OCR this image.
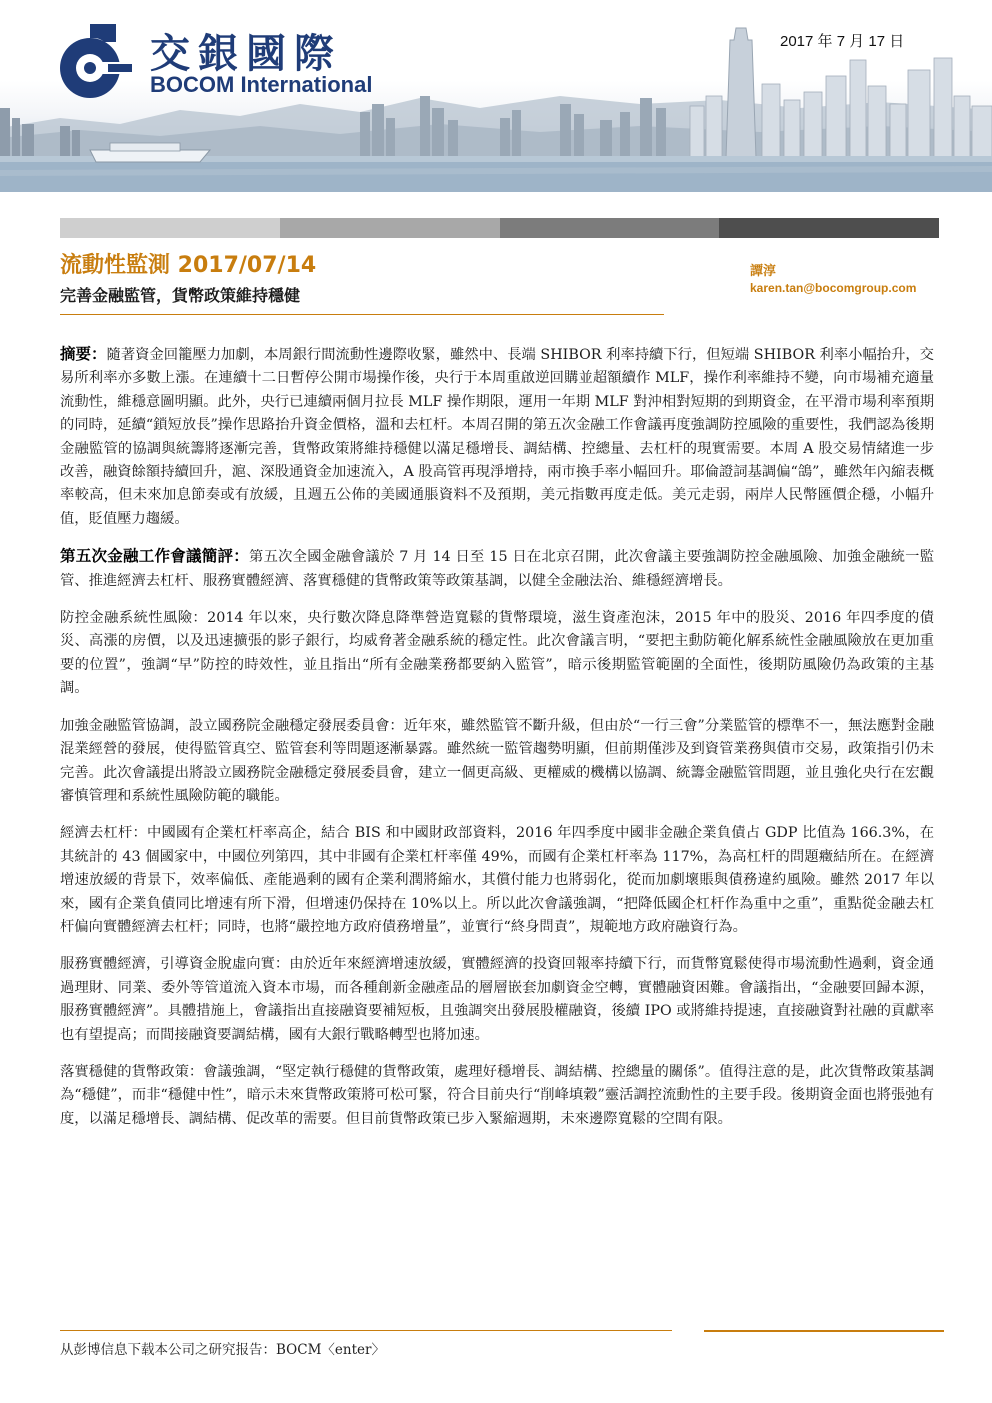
交銀國際
BOCOM International
2017 年 7 月 17 日
流動性監測 2017/07/14
完善金融監管，貨幣政策維持穩健
譚淳
karen.tan@bocomgroup.com

摘要：隨著資金回籠壓力加劇，本周銀行間流動性邊際收緊，雖然中、長端 SHIBOR 利率持續下行，但短端 SHIBOR 利率小幅抬升，交易所利率亦多數上漲。在連續十二日暫停公開市場操作後，央行于本周重啟逆回購並超額續作 MLF，操作利率維持不變，向市場補充適量流動性，維穩意圖明顯。此外，央行已連續兩個月拉長 MLF 操作期限，運用一年期 MLF 對沖相對短期的到期資金，在平滑市場利率預期的同時，延續“鎖短放長”操作思路抬升資金價格，溫和去杠杆。本周召開的第五次金融工作會議再度強調防控風險的重要性，我們認為後期金融監管的協調與統籌將逐漸完善，貨幣政策將維持穩健以滿足穩增長、調結構、控總量、去杠杆的現實需要。本周 A 股交易情緒進一步改善，融資餘額持續回升，滬、深股通資金加速流入，A 股高管再現淨增持，兩市換手率小幅回升。耶倫證詞基調偏“鴿”，雖然年內縮表概率較高，但未來加息節奏或有放緩，且週五公佈的美國通脹資料不及預期，美元指數再度走低。美元走弱，兩岸人民幣匯價企穩，小幅升值，貶值壓力趨緩。

第五次金融工作會議簡評：第五次全國金融會議於 7 月 14 日至 15 日在北京召開，此次會議主要強調防控金融風險、加強金融統一監管、推進經濟去杠杆、服務實體經濟、落實穩健的貨幣政策等政策基調，以健全金融法治、維穩經濟增長。

防控金融系統性風險：2014 年以來，央行數次降息降準營造寬鬆的貨幣環境，滋生資產泡沫，2015 年中的股災、2016 年四季度的債災、高漲的房價，以及迅速擴張的影子銀行，均威脅著金融系統的穩定性。此次會議言明，“要把主動防範化解系統性金融風險放在更加重要的位置”，強調“早”防控的時效性，並且指出“所有金融業務都要納入監管”，暗示後期監管範圍的全面性，後期防風險仍為政策的主基調。

加強金融監管協調，設立國務院金融穩定發展委員會：近年來，雖然監管不斷升級，但由於“一行三會”分業監管的標準不一，無法應對金融混業經營的發展，使得監管真空、監管套利等問題逐漸暴露。雖然統一監管趨勢明顯，但前期僅涉及到資管業務與債市交易，政策指引仍未完善。此次會議提出將設立國務院金融穩定發展委員會，建立一個更高級、更權威的機構以協調、統籌金融監管問題，並且強化央行在宏觀審慎管理和系統性風險防範的職能。

經濟去杠杆：中國國有企業杠杆率高企，結合 BIS 和中國財政部資料，2016 年四季度中國非金融企業負債占 GDP 比值為 166.3%，在其統計的 43 個國家中，中國位列第四，其中非國有企業杠杆率僅 49%，而國有企業杠杆率為 117%，為高杠杆的問題癥結所在。在經濟增速放緩的背景下，效率偏低、產能過剩的國有企業利潤將縮水，其償付能力也將弱化，從而加劇壞賬與債務違約風險。雖然 2017 年以來，國有企業負債同比增速有所下滑，但增速仍保持在 10%以上。所以此次會議強調，“把降低國企杠杆作為重中之重”，重點從金融去杠杆偏向實體經濟去杠杆；同時，也將“嚴控地方政府債務增量”，並實行“終身問責”，規範地方政府融資行為。

服務實體經濟，引導資金脫虛向實：由於近年來經濟增速放緩，實體經濟的投資回報率持續下行，而貨幣寬鬆使得市場流動性過剩，資金通過理財、同業、委外等管道流入資本市場，而各種創新金融產品的層層嵌套加劇資金空轉，實體融資困難。會議指出，“金融要回歸本源，服務實體經濟”。具體措施上，會議指出直接融資要補短板，且強調突出發展股權融資，後續 IPO 或將維持提速，直接融資對社融的貢獻率也有望提高；而間接融資要調結構，國有大銀行戰略轉型也將加速。

落實穩健的貨幣政策：會議強調，“堅定執行穩健的貨幣政策，處理好穩增長、調結構、控總量的關係”。值得注意的是，此次貨幣政策基調為“穩健”，而非“穩健中性”，暗示未來貨幣政策將可松可緊，符合目前央行“削峰填穀”靈活調控流動性的主要手段。後期資金面也將張弛有度，以滿足穩增長、調結構、促改革的需要。但目前貨幣政策已步入緊縮週期，未來邊際寬鬆的空間有限。

从彭博信息下载本公司之研究报告：BOCM〈enter〉
